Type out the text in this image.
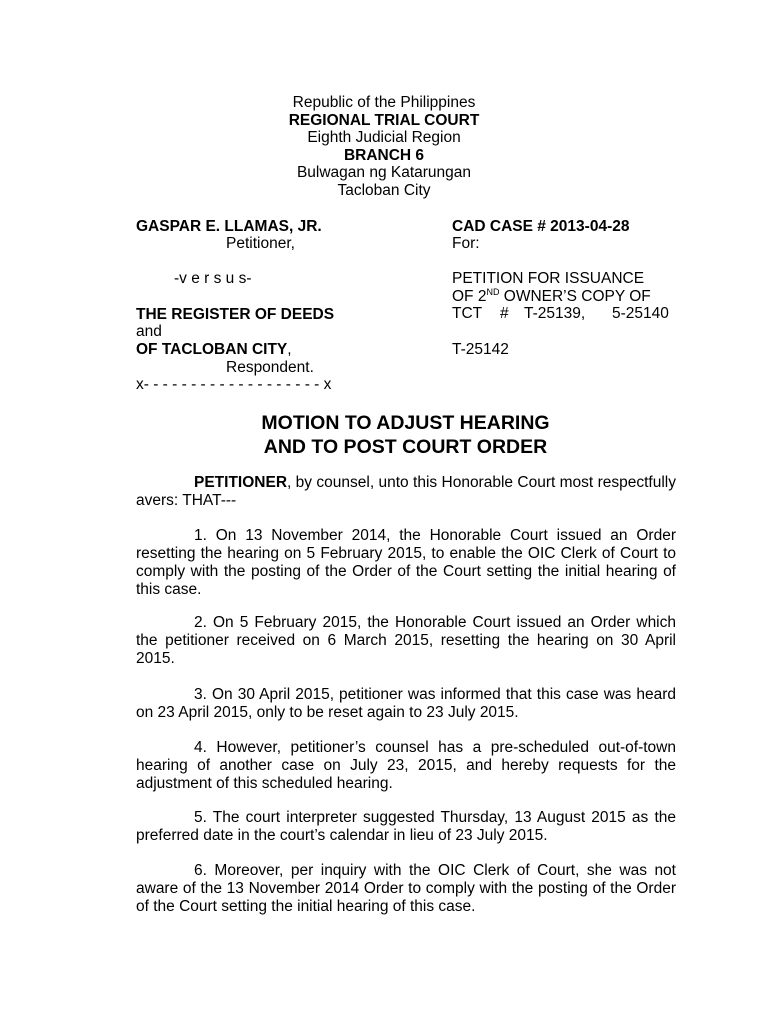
Republic of the Philippines
REGIONAL TRIAL COURT
Eighth Judicial Region
BRANCH 6
Bulwagan ng Katarungan
Tacloban City
GASPAR E. LLAMAS, JR.
Petitioner,
-v e r s u s-
THE REGISTER OF DEEDS
and
OF TACLOBAN CITY,
Respondent.
x- - - - - - - - - - - - - - - - - - - x
CAD CASE # 2013-04-28
For:
PETITION FOR ISSUANCE
OF 2ND OWNER’S COPY OF
TCT # T-25139, 5-25140
T-25142
MOTION TO ADJUST HEARING
AND TO POST COURT ORDER
PETITIONER, by counsel, unto this Honorable Court most respectfully avers: THAT---
1. On 13 November 2014, the Honorable Court issued an Order resetting the hearing on 5 February 2015, to enable the OIC Clerk of Court to comply with the posting of the Order of the Court setting the initial hearing of this case.
2. On 5 February 2015, the Honorable Court issued an Order which the petitioner received on 6 March 2015, resetting the hearing on 30 April 2015.
3. On 30 April 2015, petitioner was informed that this case was heard on 23 April 2015, only to be reset again to 23 July 2015.
4. However, petitioner’s counsel has a pre-scheduled out-of-town hearing of another case on July 23, 2015, and hereby requests for the adjustment of this scheduled hearing.
5. The court interpreter suggested Thursday, 13 August 2015 as the preferred date in the court’s calendar in lieu of 23 July 2015.
6. Moreover, per inquiry with the OIC Clerk of Court, she was not aware of the 13 November 2014 Order to comply with the posting of the Order of the Court setting the initial hearing of this case.
